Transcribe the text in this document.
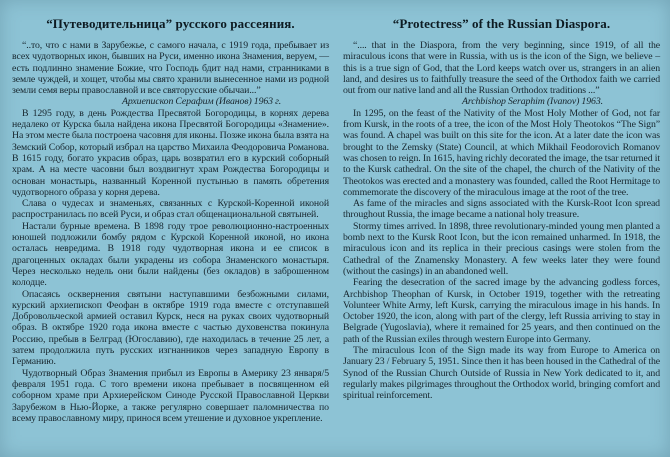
“Путеводительница” русского рассеяния.

“..то, что с нами в Зарубежье, с самого начала, с 1919 года, пребывает из всех чудотворных икон, бывших на Руси, именно икона Знамения, веруем, — есть подлинно знамение Божие, что Господь бдит над нами, странниками в земле чуждей, и хощет, чтобы мы свято хранили вынесенное нами из родной земли семя веры православной и все святорусские обычаи...”

Архиепископ Серафим (Иванов) 1963 г.

В 1295 году, в день Рождества Пресвятой Богородицы, в корнях дерева недалеко от Курска была найдена икона Пресвятой Богородицы «Знамение». На этом месте была построена часовня для иконы. Позже икона была взята на Земский Собор, который избрал на царство Михаила Феодоровича Романова. В 1615 году, богато украсив образ, царь возвратил его в курский соборный храм. А на месте часовни был воздвигнут храм Рождества Богородицы и основан монастырь, названный Коренной пустынью в память обретения чудотворного образа у корня дерева.

Слава о чудесах и знаменьях, связанных с Курской-Коренной иконой распространилась по всей Руси, и образ стал общенациональной святыней.

Настали бурные времена. В 1898 году трое революционно-настроенных юношей подложили бомбу рядом с Курской Коренной иконой, но икона осталась невредима. В 1918 году чудотворная икона и ее список в драгоценных окладах были украдены из собора Знаменского монастыря. Через несколько недель они были найдены (без окладов) в заброшенном колодце.

Опасаясь осквернения святыни наступавшими безбожными силами, курский архиепископ Феофан в октябре 1919 года вместе с отступавшей Добровольческой армией оставил Курск, неся на руках своих чудотворный образ. В октябре 1920 года икона вместе с частью духовенства покинула Россию, пребыв в Белград (Югославию), где находилась в течение 25 лет, а затем продолжила путь русских изгнанников через западную Европу в Германию.

Чудотворный Образ Знамения прибыл из Европы в Америку 23 января/5 февраля 1951 года. С того времени икона пребывает в посвященном ей соборном храме при Архиерейском Синоде Русской Православной Церкви Зарубежом в Нью-Йорке, а также регулярно совершает паломничества по всему православному миру, принося всем утешение и духовное укрепление.

“Protectress” of the Russian Diaspora.

“.... that in the Diaspora, from the very beginning, since 1919, of all the miraculous icons that were in Russia, with us is the icon of the Sign, we believe – this is a true sign of God, that the Lord keeps watch over us, strangers in an alien land, and desires us to faithfully treasure the seed of the Orthodox faith we carried out from our native land and all the Russian Orthodox traditions ...”

Archbishop Seraphim (Ivanov) 1963.

In 1295, on the feast of the Nativity of the Most Holy Mother of God, not far from Kursk, in the roots of a tree, the icon of the Most Holy Theotokos “The Sign” was found. A chapel was built on this site for the icon. At a later date the icon was brought to the Zemsky (State) Council, at which Mikhail Feodorovich Romanov was chosen to reign. In 1615, having richly decorated the image, the tsar returned it to the Kursk cathedral. On the site of the chapel, the church of the Nativity of the Theotokos was erected and a monastery was founded, called the Root Hermitage to commemorate the discovery of the miraculous image at the root of the tree.

As fame of the miracles and signs associated with the Kursk-Root Icon spread throughout Russia, the image became a national holy treasure.

Stormy times arrived. In 1898, three revolutionary-minded young men planted a bomb next to the Kursk Root Icon, but the icon remained unharmed. In 1918, the miraculous icon and its replica in their precious casings were stolen from the Cathedral of the Znamensky Monastery. A few weeks later they were found (without the casings) in an abandoned well.

Fearing the desecration of the sacred image by the advancing godless forces, Archbishop Theophan of Kursk, in October 1919, together with the retreating Volunteer White Army, left Kursk, carrying the miraculous image in his hands. In October 1920, the icon, along with part of the clergy, left Russia arriving to stay in Belgrade (Yugoslavia), where it remained for 25 years, and then continued on the path of the Russian exiles through western Europe into Germany.

The miraculous Icon of the Sign made its way from Europe to America on January 23 / February 5, 1951. Since then it has been housed in the Cathedral of the Synod of the Russian Church Outside of Russia in New York dedicated to it, and regularly makes pilgrimages throughout the Orthodox world, bringing comfort and spiritual reinforcement.
